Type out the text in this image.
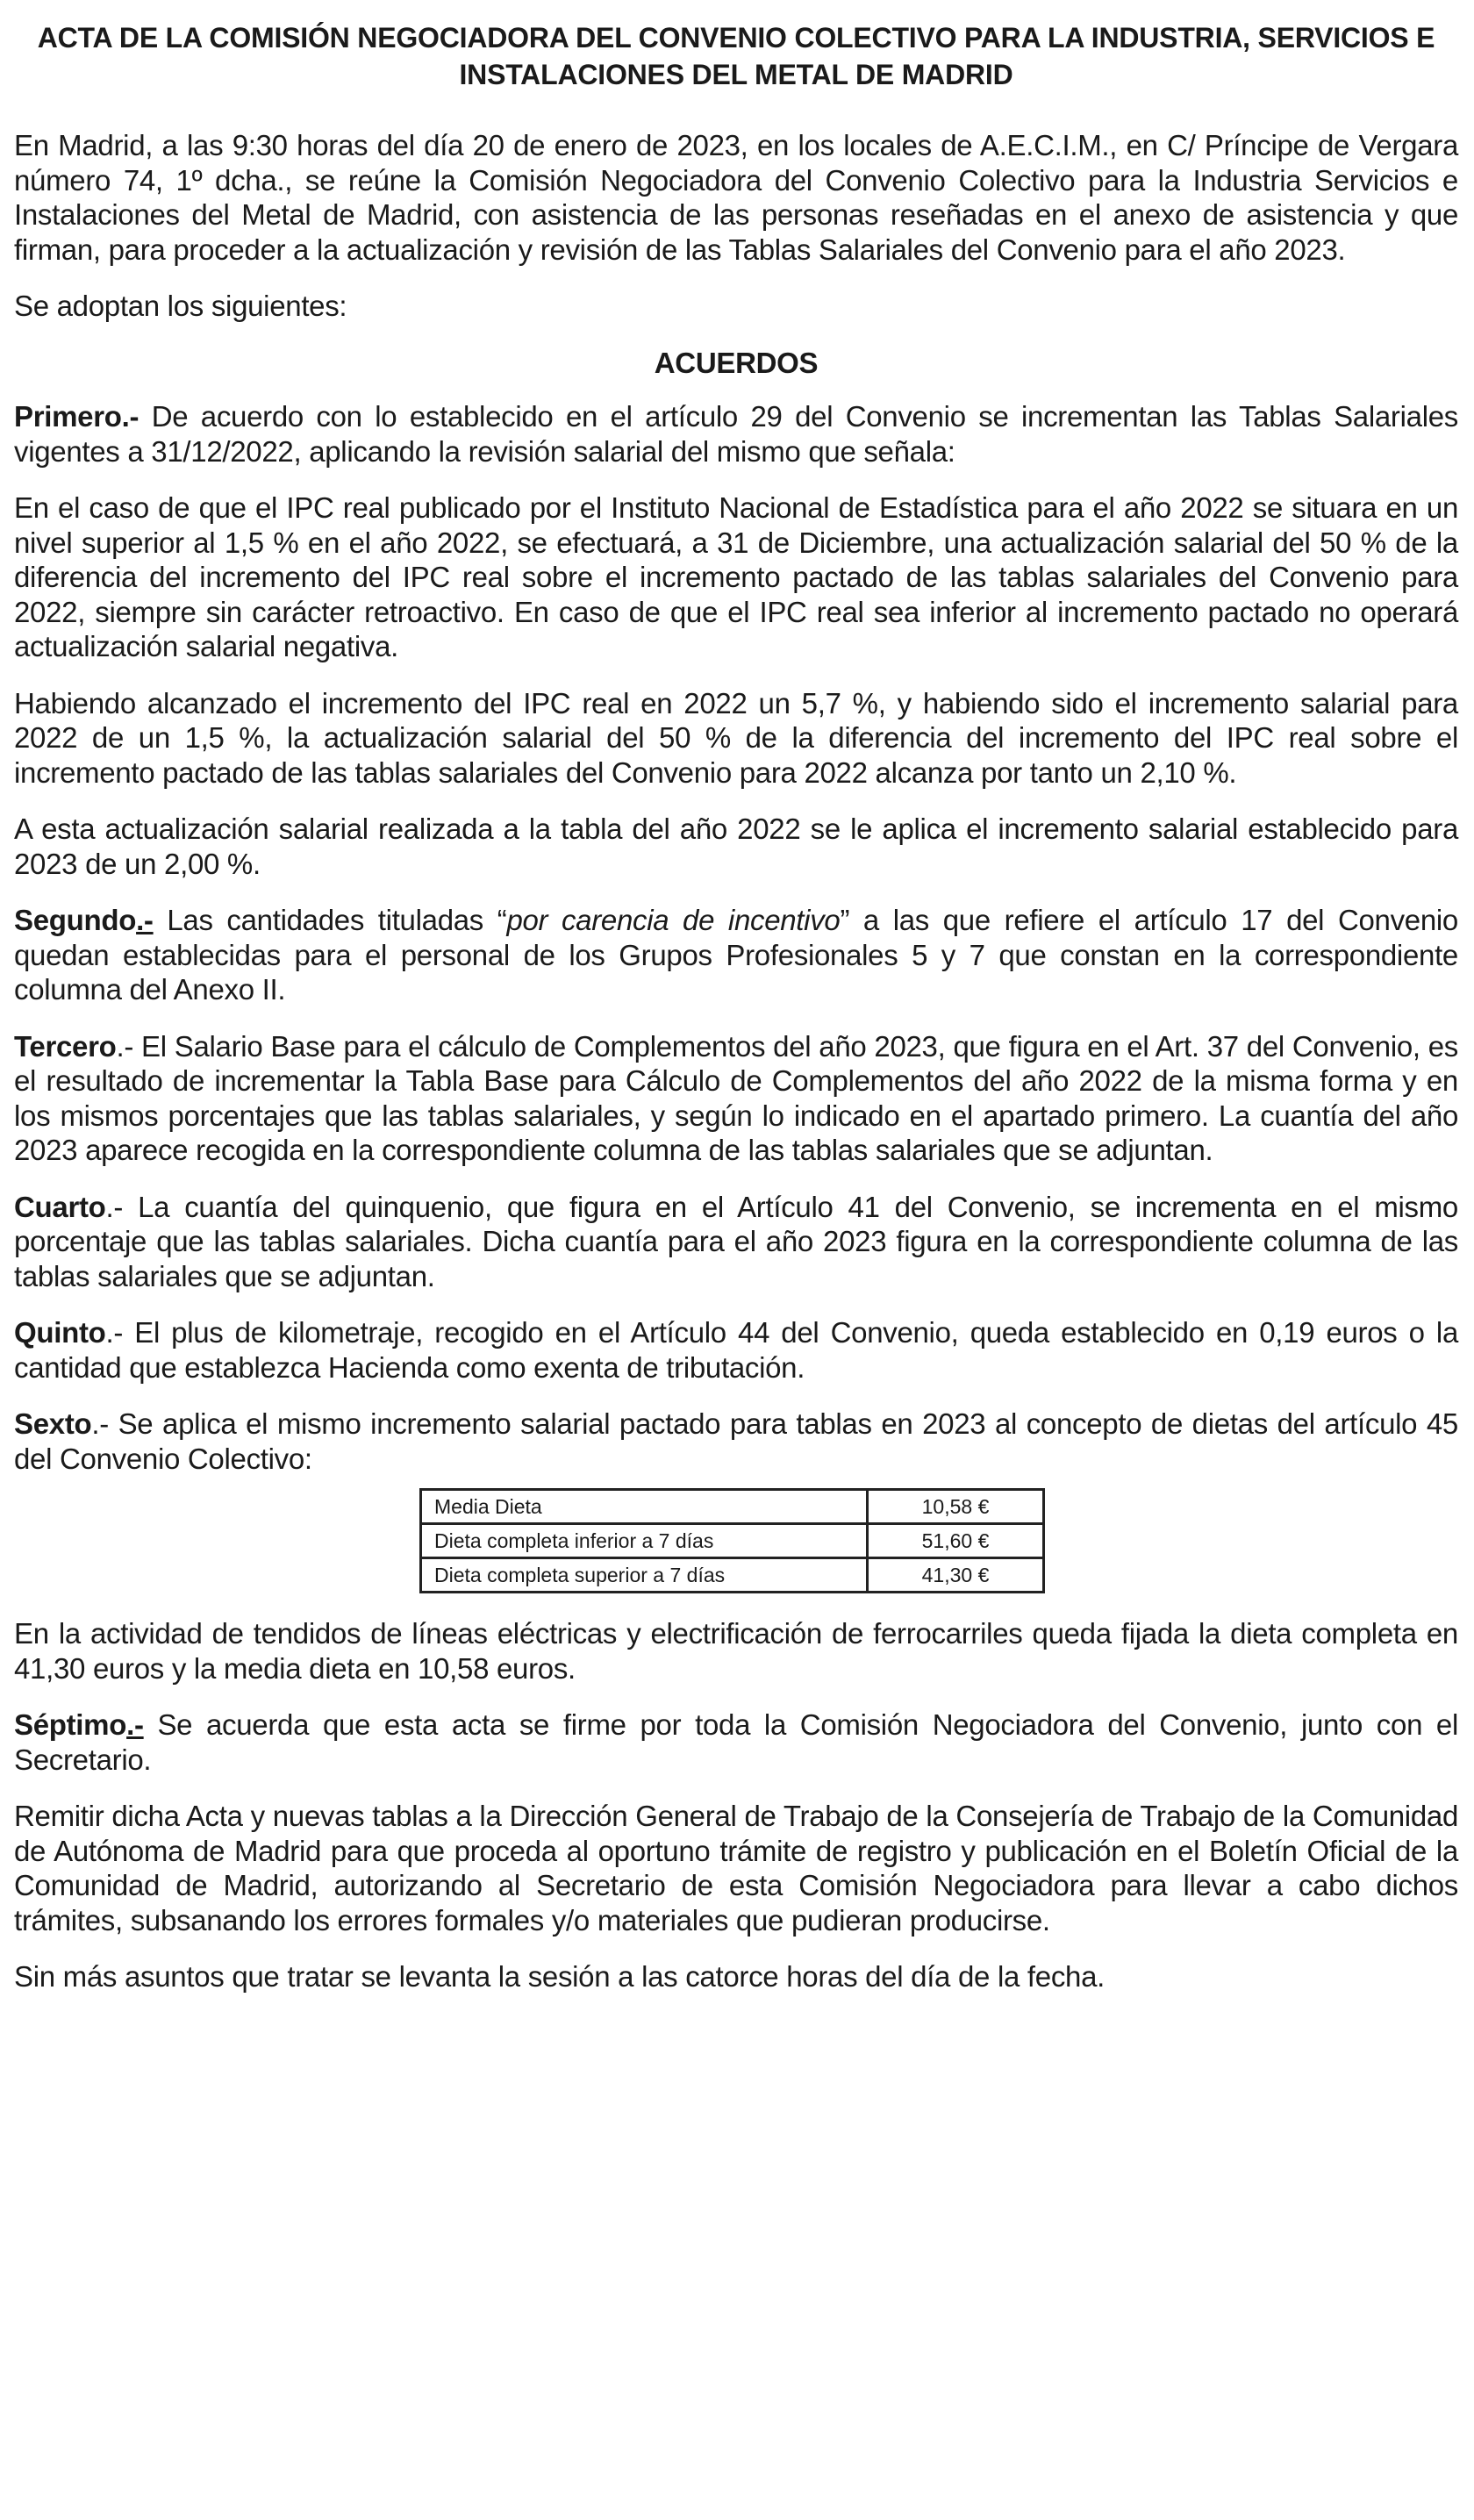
ACTA DE LA COMISIÓN NEGOCIADORA DEL CONVENIO COLECTIVO PARA LA INDUSTRIA, SERVICIOS E INSTALACIONES DEL METAL DE MADRID

En Madrid, a las 9:30 horas del día 20 de enero de 2023, en los locales de A.E.C.I.M., en C/ Príncipe de Vergara número 74, 1º dcha., se reúne la Comisión Negociadora del Convenio Colectivo para la Industria Servicios e Instalaciones del Metal de Madrid, con asistencia de las personas reseñadas en el anexo de asistencia y que firman, para proceder a la actualización y revisión de las Tablas Salariales del Convenio para el año 2023.

Se adoptan los siguientes:

ACUERDOS

Primero.- De acuerdo con lo establecido en el artículo 29 del Convenio se incrementan las Tablas Salariales vigentes a 31/12/2022, aplicando la revisión salarial del mismo que señala:

En el caso de que el IPC real publicado por el Instituto Nacional de Estadística para el año 2022 se situara en un nivel superior al 1,5 % en el año 2022, se efectuará, a 31 de Diciembre, una actualización salarial del 50 % de la diferencia del incremento del IPC real sobre el incremento pactado de las tablas salariales del Convenio para 2022, siempre sin carácter retroactivo. En caso de que el IPC real sea inferior al incremento pactado no operará actualización salarial negativa.

Habiendo alcanzado el incremento del IPC real en 2022 un 5,7 %, y habiendo sido el incremento salarial para 2022 de un 1,5 %, la actualización salarial del 50 % de la diferencia del incremento del IPC real sobre el incremento pactado de las tablas salariales del Convenio para 2022 alcanza por tanto un 2,10 %.

A esta actualización salarial realizada a la tabla del año 2022 se le aplica el incremento salarial establecido para 2023 de un 2,00 %.

Segundo.- Las cantidades tituladas “por carencia de incentivo” a las que refiere el artículo 17 del Convenio quedan establecidas para el personal de los Grupos Profesionales 5 y 7 que constan en la correspondiente columna del Anexo II.

Tercero.- El Salario Base para el cálculo de Complementos del año 2023, que figura en el Art. 37 del Convenio, es el resultado de incrementar la Tabla Base para Cálculo de Complementos del año 2022 de la misma forma y en los mismos porcentajes que las tablas salariales, y según lo indicado en el apartado primero. La cuantía del año 2023 aparece recogida en la correspondiente columna de las tablas salariales que se adjuntan.

Cuarto.- La cuantía del quinquenio, que figura en el Artículo 41 del Convenio, se incrementa en el mismo porcentaje que las tablas salariales. Dicha cuantía para el año 2023 figura en la correspondiente columna de las tablas salariales que se adjuntan.

Quinto.- El plus de kilometraje, recogido en el Artículo 44 del Convenio, queda establecido en 0,19 euros o la cantidad que establezca Hacienda como exenta de tributación.

Sexto.- Se aplica el mismo incremento salarial pactado para tablas en 2023 al concepto de dietas del artículo 45 del Convenio Colectivo:

Media Dieta	10,58 €
Dieta completa inferior a 7 días	51,60 €
Dieta completa superior a 7 días	41,30 €

En la actividad de tendidos de líneas eléctricas y electrificación de ferrocarriles queda fijada la dieta completa en 41,30 euros y la media dieta en 10,58 euros.

Séptimo.- Se acuerda que esta acta se firme por toda la Comisión Negociadora del Convenio, junto con el Secretario.

Remitir dicha Acta y nuevas tablas a la Dirección General de Trabajo de la Consejería de Trabajo de la Comunidad de Autónoma de Madrid para que proceda al oportuno trámite de registro y publicación en el Boletín Oficial de la Comunidad de Madrid, autorizando al Secretario de esta Comisión Negociadora para llevar a cabo dichos trámites, subsanando los errores formales y/o materiales que pudieran producirse.

Sin más asuntos que tratar se levanta la sesión a las catorce horas del día de la fecha.
